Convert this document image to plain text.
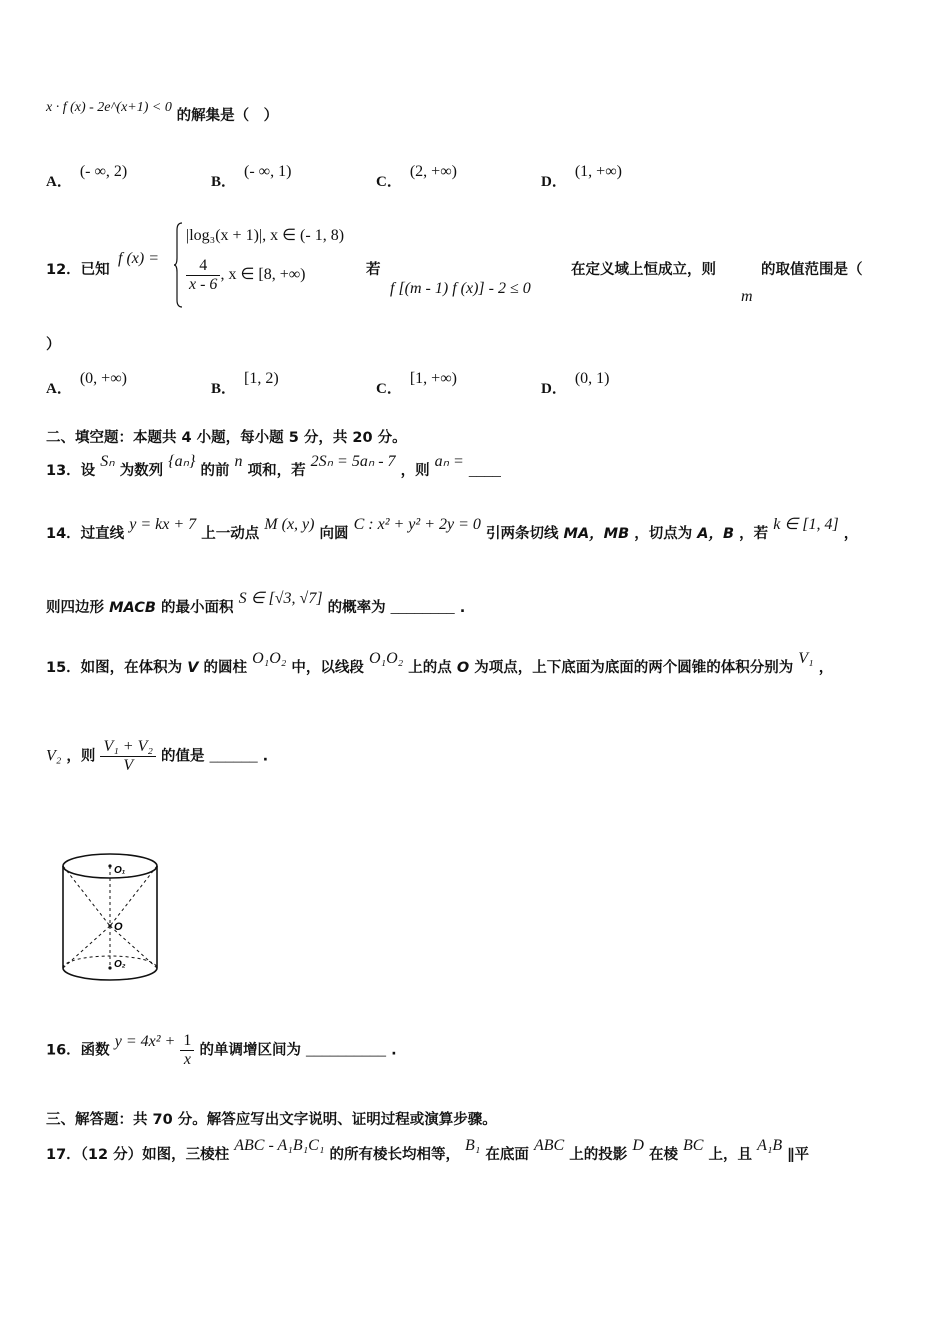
x · f (x) - 2e^(x+1) < 0 的解集是（　）
A．(- ∞, 2)
B．(- ∞, 1)
C．(2, +∞)
D．(1, +∞)
12．已知
f (x) =
|log₃(x + 1)|, x ∈ (- 1, 8)
$\frac{4}{x - 6}$ , x ∈ [8, +∞)	若
f [(m - 1) f (x)] - 2 ≤ 0
在定义域上恒成立，则
m
的取值范围是（
）
A．(0, +∞)
B．[1, 2)
C．[1, +∞)
D．(0, 1)
二、填空题：本题共 4 小题，每小题 5 分，共 20 分。
13．设 Sₙ 为数列 {aₙ} 的前 n 项和，若 2Sₙ = 5aₙ - 7 ，则 aₙ = ____
14．过直线 y = kx + 7 上一动点 M (x, y) 向圆 C : x² + y² + 2y = 0 引两条切线 MA，MB ，切点为 A，B ，若 k ∈ [1, 4] ，
则四边形 MACB 的最小面积 S ∈ [√3, √7] 的概率为 ________ .
15．如图，在体积为 V 的圆柱 O₁O₂ 中，以线段 O₁O₂ 上的点 O 为项点，上下底面为底面的两个圆锥的体积分别为 V₁ ，
V₂ ，则 $\frac{\text{V₁ + V₂}}{V}$ 的值是 ______ .
O₁
O
O₂
16．函数 $y = 4x^2 + \frac{1}{x}$ 的单调增区间为 __________ .
三、解答题：共 70 分。解答应写出文字说明、证明过程或演算步骤。
17．（12 分）如图，三棱柱 ABC - A₁B₁C₁ 的所有棱长均相等， B₁ 在底面 ABC 上的投影 D 在棱 BC 上，且 A₁B ∥平
